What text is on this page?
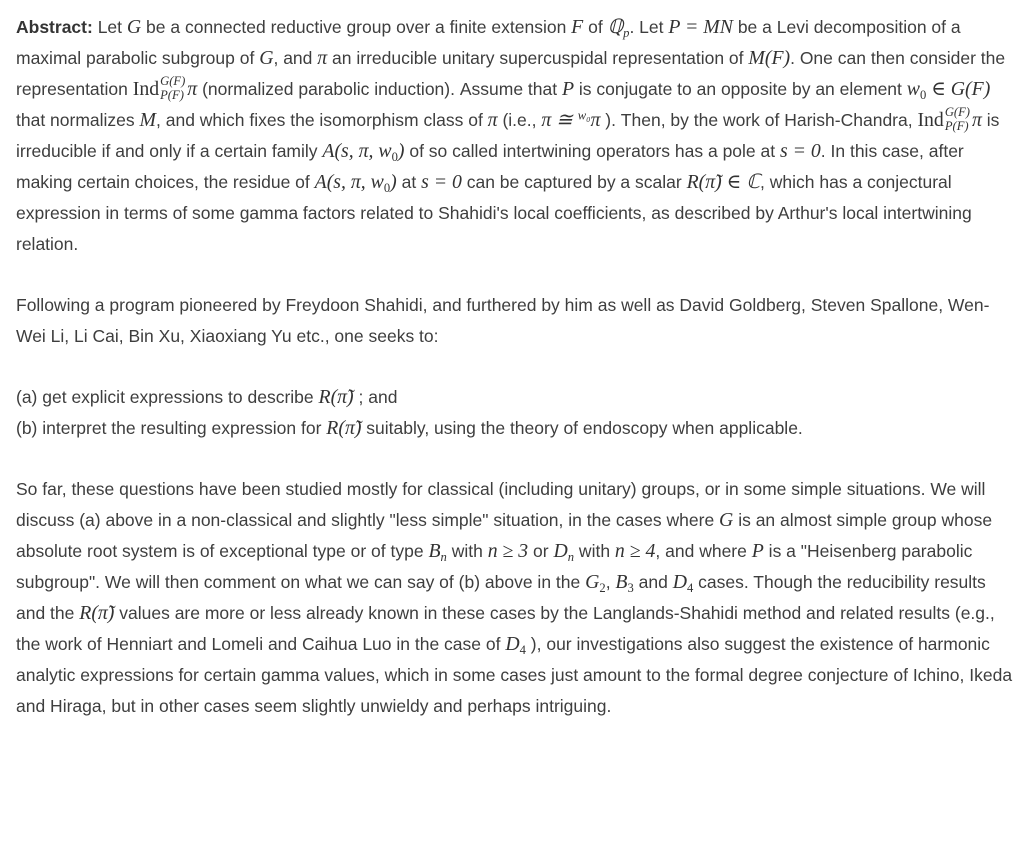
Abstract: Let G be a connected reductive group over a finite extension F of ℚ$_p$. Let P = MN be a Levi decomposition of a maximal parabolic subgroup of G, and π an irreducible unitary supercuspidal representation of M(F). One can then consider the representation Ind G(F)
P(F) π (normalized parabolic induction). Assume that P is conjugate to an opposite by an element $w_0$ ∈ G(F) that normalizes M, and which fixes the isomorphism class of π (i.e., π ≅ $^{w_0}$π ). Then, by the work of Harish-Chandra, Ind G(F)
P(F) π is irreducible if and only if a certain family A(s, π, $w_0$) of so called intertwining operators has a pole at s = 0. In this case, after making certain choices, the residue of A(s, π, $w_0$) at s = 0 can be captured by a scalar R(π̃) ∈ ℂ, which has a conjectural expression in terms of some gamma factors related to Shahidi's local coefficients, as described by Arthur's local intertwining relation.

Following a program pioneered by Freydoon Shahidi, and furthered by him as well as David Goldberg, Steven Spallone, Wen-Wei Li, Li Cai, Bin Xu, Xiaoxiang Yu etc., one seeks to:

(a) get explicit expressions to describe R(π̃) ; and
(b) interpret the resulting expression for R(π̃) suitably, using the theory of endoscopy when applicable.

So far, these questions have been studied mostly for classical (including unitary) groups, or in some simple situations. We will discuss (a) above in a non-classical and slightly "less simple" situation, in the cases where G is an almost simple group whose absolute root system is of exceptional type or of type $B_n$ with n ≥ 3 or $D_n$ with n ≥ 4, and where P is a "Heisenberg parabolic subgroup". We will then comment on what we can say of (b) above in the $G_2$, $B_3$ and $D_4$ cases. Though the reducibility results and the R(π̃) values are more or less already known in these cases by the Langlands-Shahidi method and related results (e.g., the work of Henniart and Lomeli and Caihua Luo in the case of $D_4$ ), our investigations also suggest the existence of harmonic analytic expressions for certain gamma values, which in some cases just amount to the formal degree conjecture of Ichino, Ikeda and Hiraga, but in other cases seem slightly unwieldy and perhaps intriguing.
